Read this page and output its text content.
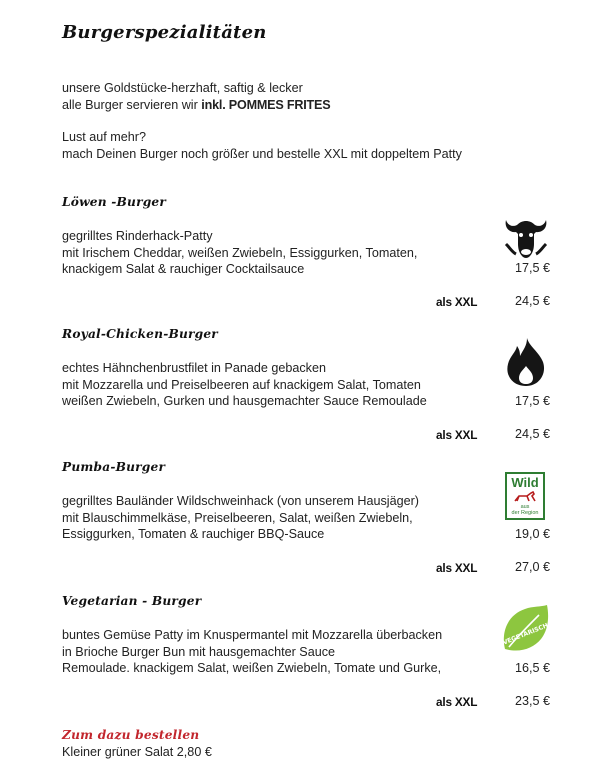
Burgerspezialitäten
unsere Goldstücke-herzhaft, saftig & lecker
alle Burger servieren wir inkl. POMMES FRITES
Lust auf mehr?
mach Deinen Burger noch größer und bestelle XXL mit doppeltem Patty
Löwen -Burger
gegrilltes Rinderhack-Patty
mit Irischem Cheddar, weißen Zwiebeln, Essiggurken, Tomaten,
knackigem Salat & rauchiger Cocktailsauce	17,5 €
als XXL	24,5 €
Royal-Chicken-Burger
echtes Hähnchenbrustfilet in Panade gebacken
mit Mozzarella und Preiselbeeren auf knackigem Salat, Tomaten
weißen Zwiebeln, Gurken und hausgemachter Sauce Remoulade	17,5 €
als XXL	24,5 €
Pumba-Burger
gegrilltes Bauländer Wildschweinhack (von unserem Hausjäger)
mit Blauschimmelkäse, Preiselbeeren, Salat, weißen Zwiebeln,
Essiggurken, Tomaten & rauchiger BBQ-Sauce
Wild
aus
der Region
19,0 €
als XXL	27,0 €
Vegetarian - Burger
buntes Gemüse Patty im Knuspermantel mit Mozzarella überbacken
in Brioche Burger Bun mit hausgemachter Sauce
Remoulade. knackigem Salat, weißen Zwiebeln, Tomate und Gurke,
VEGETARISCH
16,5 €
als XXL	23,5 €
Zum dazu bestellen
Kleiner grüner Salat 2,80 €
